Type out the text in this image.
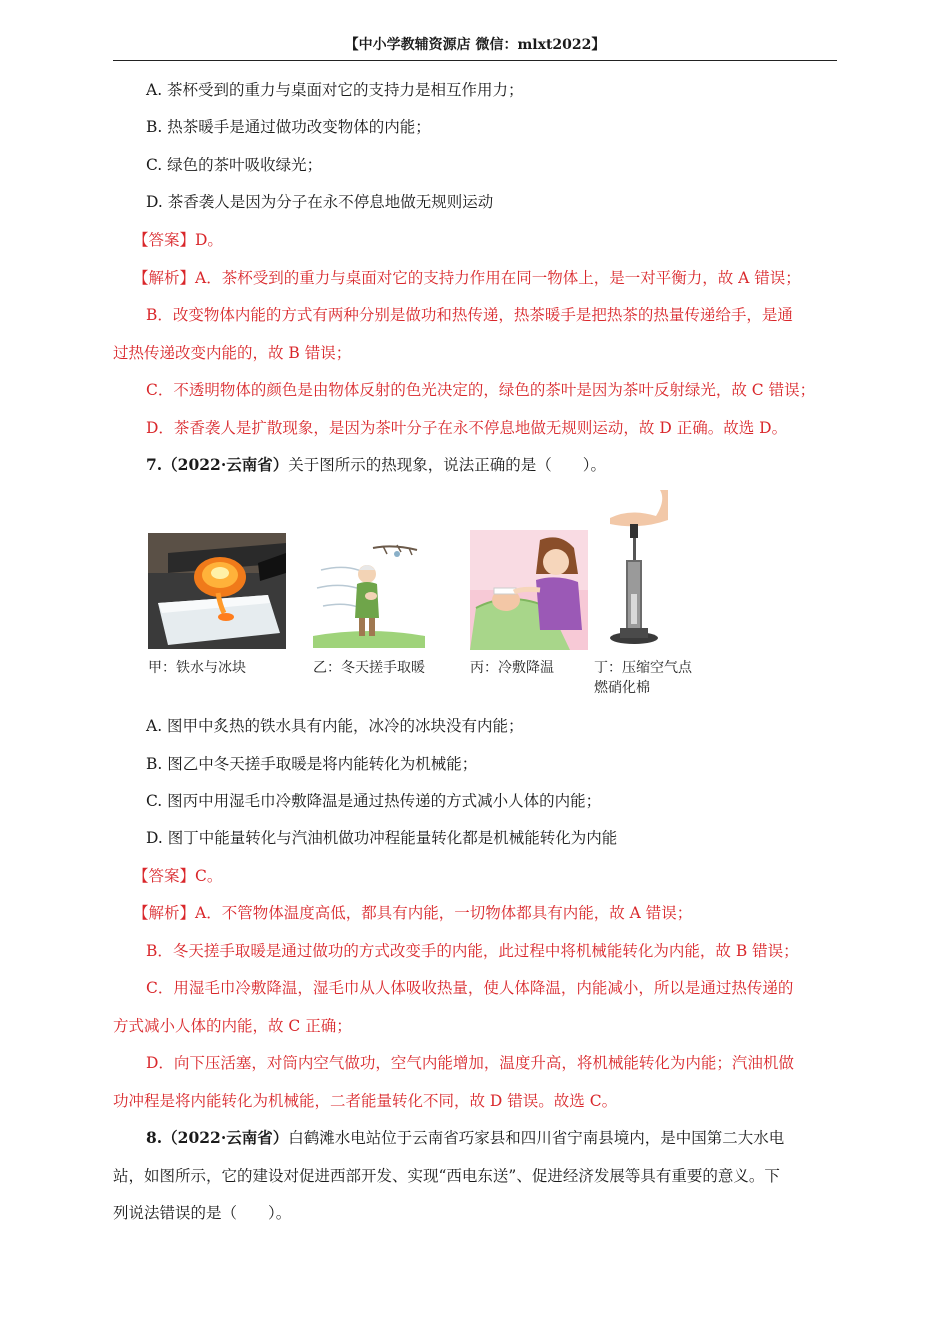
【中小学教辅资源店 微信：mlxt2022】
A. 茶杯受到的重力与桌面对它的支持力是相互作用力；
B. 热茶暖手是通过做功改变物体的内能；
C. 绿色的茶叶吸收绿光；
D. 茶香袭人是因为分子在永不停息地做无规则运动
【答案】D。
【解析】A．茶杯受到的重力与桌面对它的支持力作用在同一物体上，是一对平衡力，故 A 错误；
B．改变物体内能的方式有两种分别是做功和热传递，热茶暖手是把热茶的热量传递给手，是通
过热传递改变内能的，故 B 错误；
C．不透明物体的颜色是由物体反射的色光决定的，绿色的茶叶是因为茶叶反射绿光，故 C 错误；
D．茶香袭人是扩散现象，是因为茶叶分子在永不停息地做无规则运动，故 D 正确。故选 D。
7.（2022·云南省）关于图所示的热现象，说法正确的是（　　）。
甲：铁水与冰块	乙：冬天搓手取暖	丙：冷敷降温	丁：压缩空气点
燃硝化棉
A. 图甲中炙热的铁水具有内能，冰冷的冰块没有内能；
B. 图乙中冬天搓手取暖是将内能转化为机械能；
C. 图丙中用湿毛巾冷敷降温是通过热传递的方式减小人体的内能；
D. 图丁中能量转化与汽油机做功冲程能量转化都是机械能转化为内能
【答案】C。
【解析】A．不管物体温度高低，都具有内能，一切物体都具有内能，故 A 错误；
B．冬天搓手取暖是通过做功的方式改变手的内能，此过程中将机械能转化为内能，故 B 错误；
C．用湿毛巾冷敷降温，湿毛巾从人体吸收热量，使人体降温，内能减小，所以是通过热传递的
方式减小人体的内能，故 C 正确；
D．向下压活塞，对筒内空气做功，空气内能增加，温度升高，将机械能转化为内能；汽油机做
功冲程是将内能转化为机械能，二者能量转化不同，故 D 错误。故选 C。
8.（2022·云南省）白鹤滩水电站位于云南省巧家县和四川省宁南县境内，是中国第二大水电
站，如图所示，它的建设对促进西部开发、实现“西电东送”、促进经济发展等具有重要的意义。下
列说法错误的是（　　）。
